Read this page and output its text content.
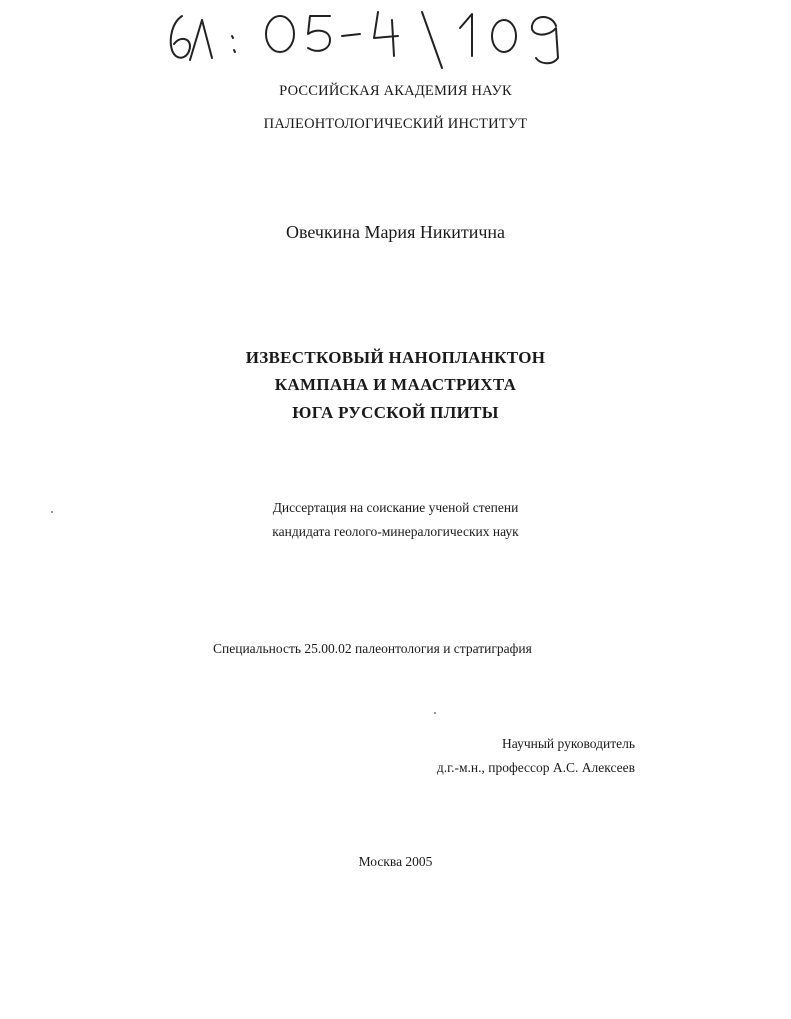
РОССИЙСКАЯ АКАДЕМИЯ НАУК
ПАЛЕОНТОЛОГИЧЕСКИЙ ИНСТИТУТ
Овечкина Мария Никитична
ИЗВЕСТКОВЫЙ НАНОПЛАНКТОН
КАМПАНА И МААСТРИХТА
ЮГА РУССКОЙ ПЛИТЫ
Диссертация на соискание ученой степени
кандидата геолого-минералогических наук
Специальность 25.00.02 палеонтология и стратиграфия
Научный руководитель
д.г.-м.н., профессор А.С. Алексеев
Москва 2005
